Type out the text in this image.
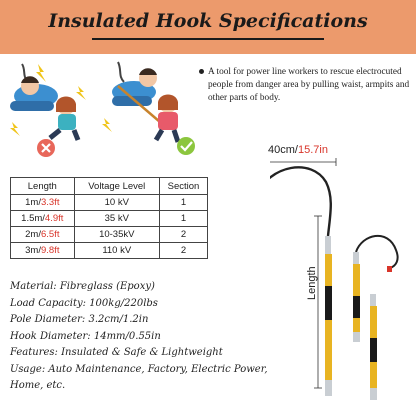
Insulated Hook Specifications
A tool for power line workers to rescue electrocuted people from danger area by pulling waist, armpits and other parts of body.
Length	Voltage Level	Section
1m/3.3ft	10 kV	1
1.5m/4.9ft	35 kV	1
2m/6.5ft	10-35kV	2
3m/9.8ft	110 kV	2
Material: Fibreglass (Epoxy)
Load Capacity: 100kg/220lbs
Pole Diameter: 3.2cm/1.2in
Hook Diameter: 14mm/0.55in
Features: Insulated & Safe & Lightweight
Usage: Auto Maintenance, Factory, Electric Power,
Home, etc.
40cm/15.7in
Length
